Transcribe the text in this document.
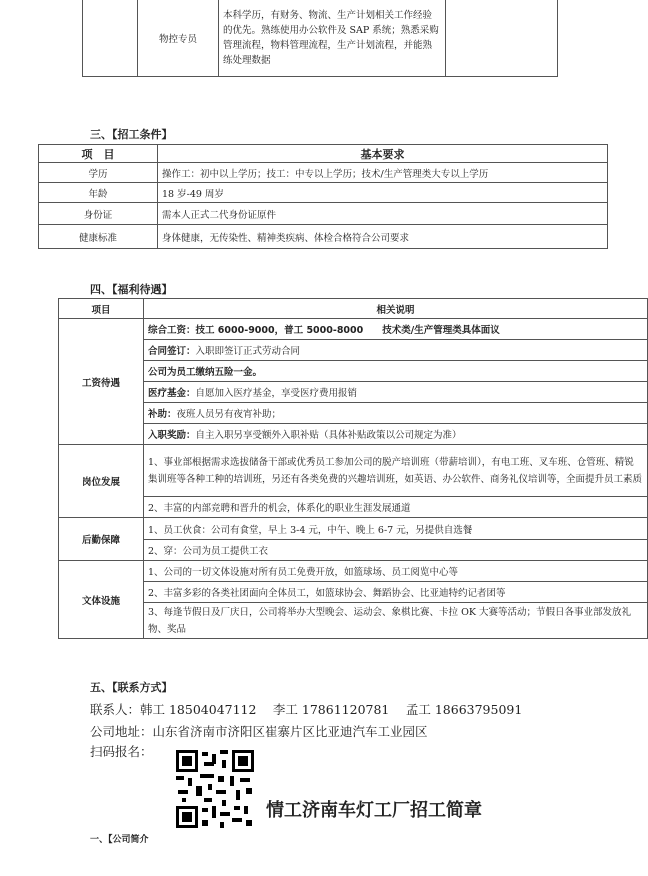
	物控专员	本科学历，有财务、物流、生产计划相关工作经验的优先。熟练使用办公软件及 SAP 系统；熟悉采购管理流程，物料管理流程，生产计划流程，并能熟练处理数据	
三、【招工条件】
项　目	基本要求
学历	操作工：初中以上学历；技工：中专以上学历；技术/生产管理类大专以上学历
年龄	18 岁-49 周岁
身份证	需本人正式二代身份证原件
健康标准	身体健康，无传染性、精神类疾病、体检合格符合公司要求
四、【福利待遇】
项目	相关说明
工资待遇	综合工资：技工 6000-9000，普工 5000-8000　　技术类/生产管理类具体面议
	合同签订：入职即签订正式劳动合同
	公司为员工缴纳五险一金。
	医疗基金：自愿加入医疗基金，享受医疗费用报销
	补助：夜班人员另有夜宵补助；
	入职奖励：自主入职另享受额外入职补贴（具体补贴政策以公司规定为准）
岗位发展	1、事业部根据需求选拔储备干部或优秀员工参加公司的脱产培训班（带薪培训），有电工班、叉车班、仓管班、精锐集训班等各种工种的培训班，另还有各类免费的兴趣培训班，如英语、办公软件、商务礼仪培训等，全面提升员工素质
	2、丰富的内部竞聘和晋升的机会，体系化的职业生涯发展通道
后勤保障	1、员工伙食：公司有食堂，早上 3-4 元，中午、晚上 6-7 元，另提供自选餐
	2、穿：公司为员工提供工衣
文体设施	1、公司的一切文体设施对所有员工免费开放，如篮球场、员工阅览中心等
	2、丰富多彩的各类社团面向全体员工，如篮球协会、舞蹈协会、比亚迪特约记者团等
	3、每逢节假日及厂庆日，公司将举办大型晚会、运动会、象棋比赛、卡拉 OK 大赛等活动；节假日各事业部发放礼物、奖品
五、【联系方式】
联系人：韩工 18504047112　 李工 17861120781　 孟工 18663795091
公司地址：山东省济南市济阳区崔寨片区比亚迪汽车工业园区
扫码报名：
情工济南车灯工厂招工简章
一、【公司简介
